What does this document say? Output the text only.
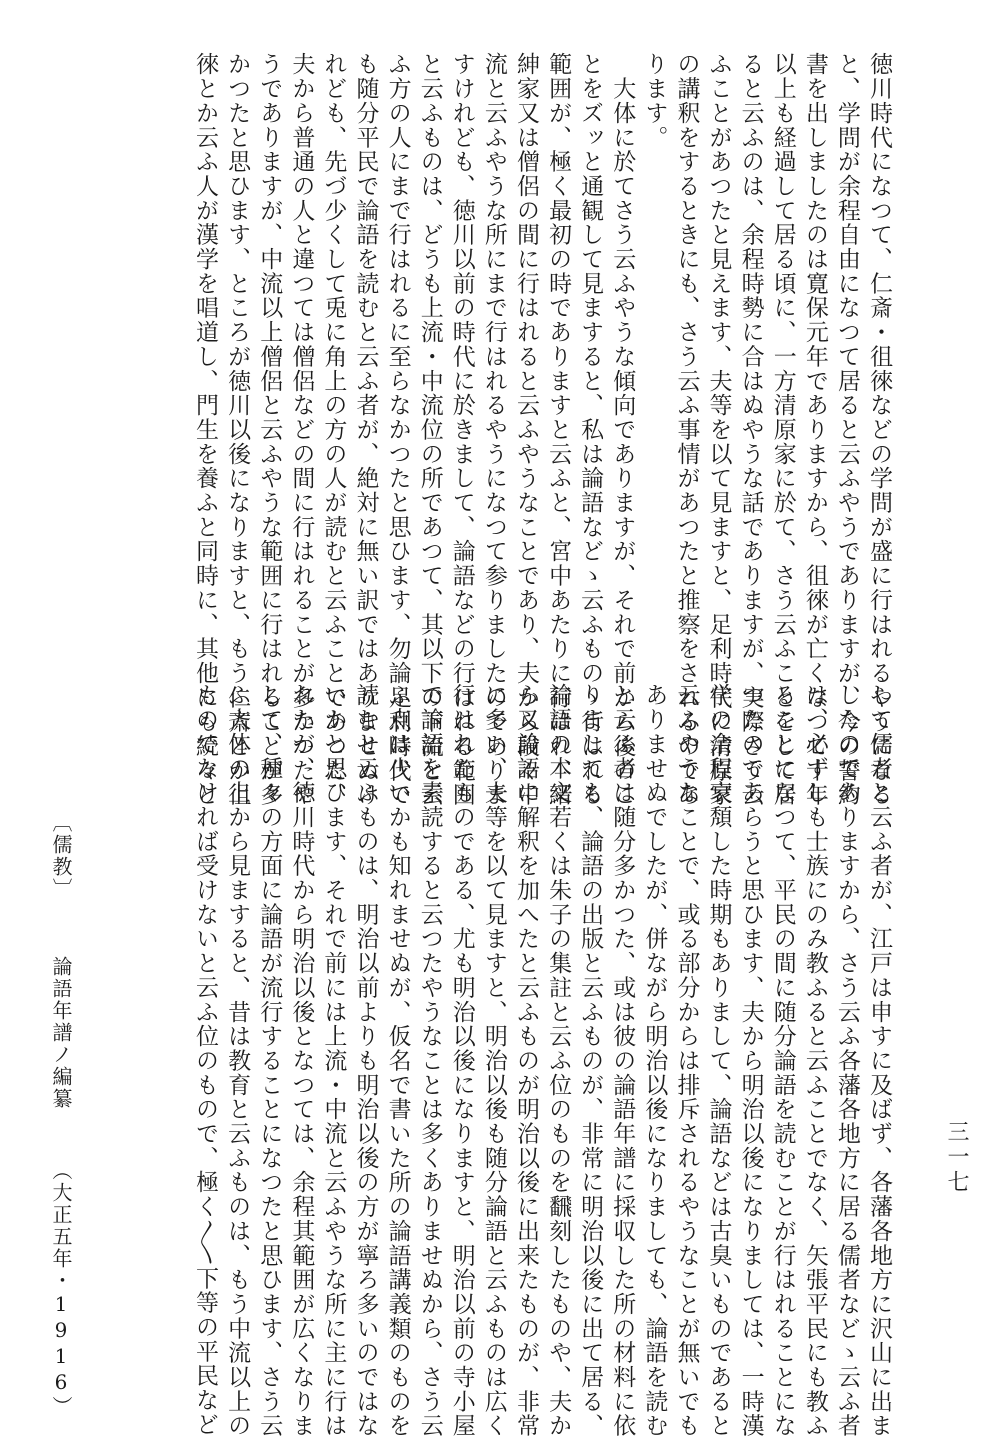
徳川時代になつて、仁斎・徂徠などの学問が盛に行はれるやうになる
と、学問が余程自由になつて居ると云ふやうでありますが、今の誓約
書を出しましたのは寛保元年でありますから、徂徠が亡くなつて十年
以上も経過して居る頃に、一方清原家に於て、さう云ふことをして居
ると云ふのは、余程時勢に合はぬやうな話でありますが、実際さう云
ふことがあつたと見えます、夫等を以て見ますと、足利時代に清原家
の講釈をするときにも、さう云ふ事情があつたと推察をされるのであ
ります。
　大体に於てさう云ふやうな傾向でありますが、それで前から後のこ
とをズッと通観して見ますると、私は論語などゝ云ふものゝ行はれる
範囲が、極く最初の時でありますと云ふと、宮中あたりに行はれ、縉
紳家又は僧侶の間に行はれると云ふやうなことであり、夫から段々中
流と云ふやうな所にまで行はれるやうになつて参りましたのでありま
すけれども、徳川以前の時代に於きまして、論語などの行はれる範囲
と云ふものは、どうも上流・中流位の所であつて、其以下の下流と云
ふ方の人にまで行はれるに至らなかつたと思ひます、勿論足利時代で
も随分平民で論語を読むと云ふ者が、絶対に無い訳ではありませぬけ
れども、先づ少くして兎に角上の方の人が読むと云ふことであつた、
夫から普通の人と違つては僧侶などの間に行はれることが多かつたや
うでありますが、中流以上僧侶と云ふやうな範囲に行はれることが多
かつたと思ひます、ところが徳川以後になりますと、もう仁斎とか徂
徠とか云ふ人が漢学を唱道し、門生を養ふと同時に、其他にも続々と
して儒者と云ふ者が、江戸は申すに及ばず、各藩各地方に沢山に出ま
したのでありますから、さう云ふ各藩各地方に居る儒者などゝ云ふ者
は、必ずしも士族にのみ教ふると云ふことでなく、矢張平民にも教ふ
ることになつて、平民の間に随分論語を読むことが行はれることにな
つたのであらうと思ひます、夫から明治以後になりましては、一時漢
学の余程衰頽した時期もありまして、論語などは古臭いものであると
云ふやうなことで、或る部分からは排斥されるやうなことが無いでも
ありませぬでしたが、併ながら明治以後になりましても、論語を読む
と云ふ者は随分多かつた、或は彼の論語年譜に採収した所の材料に依
りましても、論語の出版と云ふものが、非常に明治以後に出て居る、
論語の本文若くは朱子の集註と云ふ位のものを飜刻したものや、夫か
ら又論語に解釈を加へたと云ふものが明治以後に出来たものが、非常
に多い、夫等を以て見ますと、明治以後も随分論語と云ふものは広く
行はれたものである、尤も明治以後になりますと、明治以前の寺小屋
で論語を素読すると云つたやうなことは多くありませぬから、さう云
ふ点は少いかも知れませぬが、仮名で書いた所の論語講義類のものを
読むと云ふものは、明治以前よりも明治以後の方が寧ろ多いのではな
いかと思ひます、それで前には上流・中流と云ふやうな所に主に行は
れたが、徳川時代から明治以後となつては、余程其範囲が広くなりま
して、種々の方面に論語が流行することになつたと思ひます、さう云
ふ大体の上から見ますると、昔は教育と云ふものは、もう中流以上の
ものでなければ受けないと云ふ位のもので、極く〳〵下等の平民など
〔儒教〕 論語年譜ノ編纂 （大正五年・1916）
三一七
